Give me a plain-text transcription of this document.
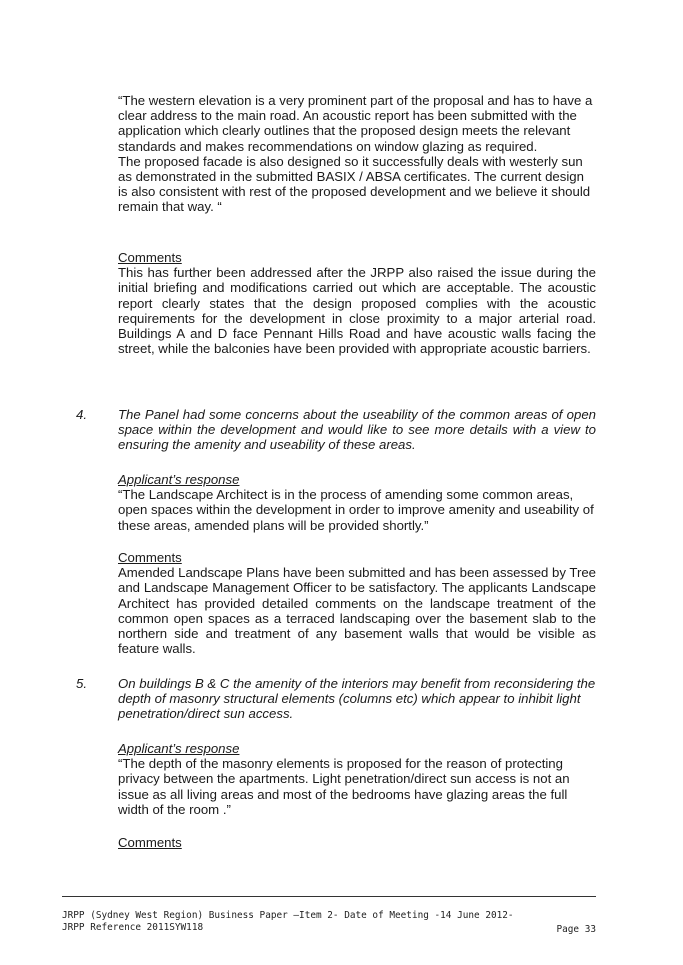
“The western elevation is a very prominent part of the proposal and has to have a clear address to the main road. An acoustic report has been submitted with the application which clearly outlines that the proposed design meets the relevant standards and makes recommendations on window glazing as required.

The proposed facade is also designed so it successfully deals with westerly sun as demonstrated in the submitted BASIX / ABSA certificates. The current design is also consistent with rest of the proposed development and we believe it should remain that way. “

Comments

This has further been addressed after the JRPP also raised the issue during the initial briefing and modifications carried out which are acceptable. The acoustic report clearly states that the design proposed complies with the acoustic requirements for the development in close proximity to a major arterial road. Buildings A and D face Pennant Hills Road and have acoustic walls facing the street, while the balconies have been provided with appropriate acoustic barriers.

4. The Panel had some concerns about the useability of the common areas of open space within the development and would like to see more details with a view to ensuring the amenity and useability of these areas.

Applicant’s response

“The Landscape Architect is in the process of amending some common areas, open spaces within the development in order to improve amenity and useability of these areas, amended plans will be provided shortly.”

Comments

Amended Landscape Plans have been submitted and has been assessed by Tree and Landscape Management Officer to be satisfactory. The applicants Landscape Architect has provided detailed comments on the landscape treatment of the common open spaces as a terraced landscaping over the basement slab to the northern side and treatment of any basement walls that would be visible as feature walls.

5. On buildings B & C the amenity of the interiors may benefit from reconsidering the depth of masonry structural elements (columns etc) which appear to inhibit light penetration/direct sun access.

Applicant’s response

“The depth of the masonry elements is proposed for the reason of protecting privacy between the apartments. Light penetration/direct sun access is not an issue as all living areas and most of the bedrooms have glazing areas the full width of the room .”

Comments

JRPP (Sydney West Region) Business Paper –Item 2- Date of Meeting -14 June 2012-
JRPP Reference 2011SYW118	Page 33
